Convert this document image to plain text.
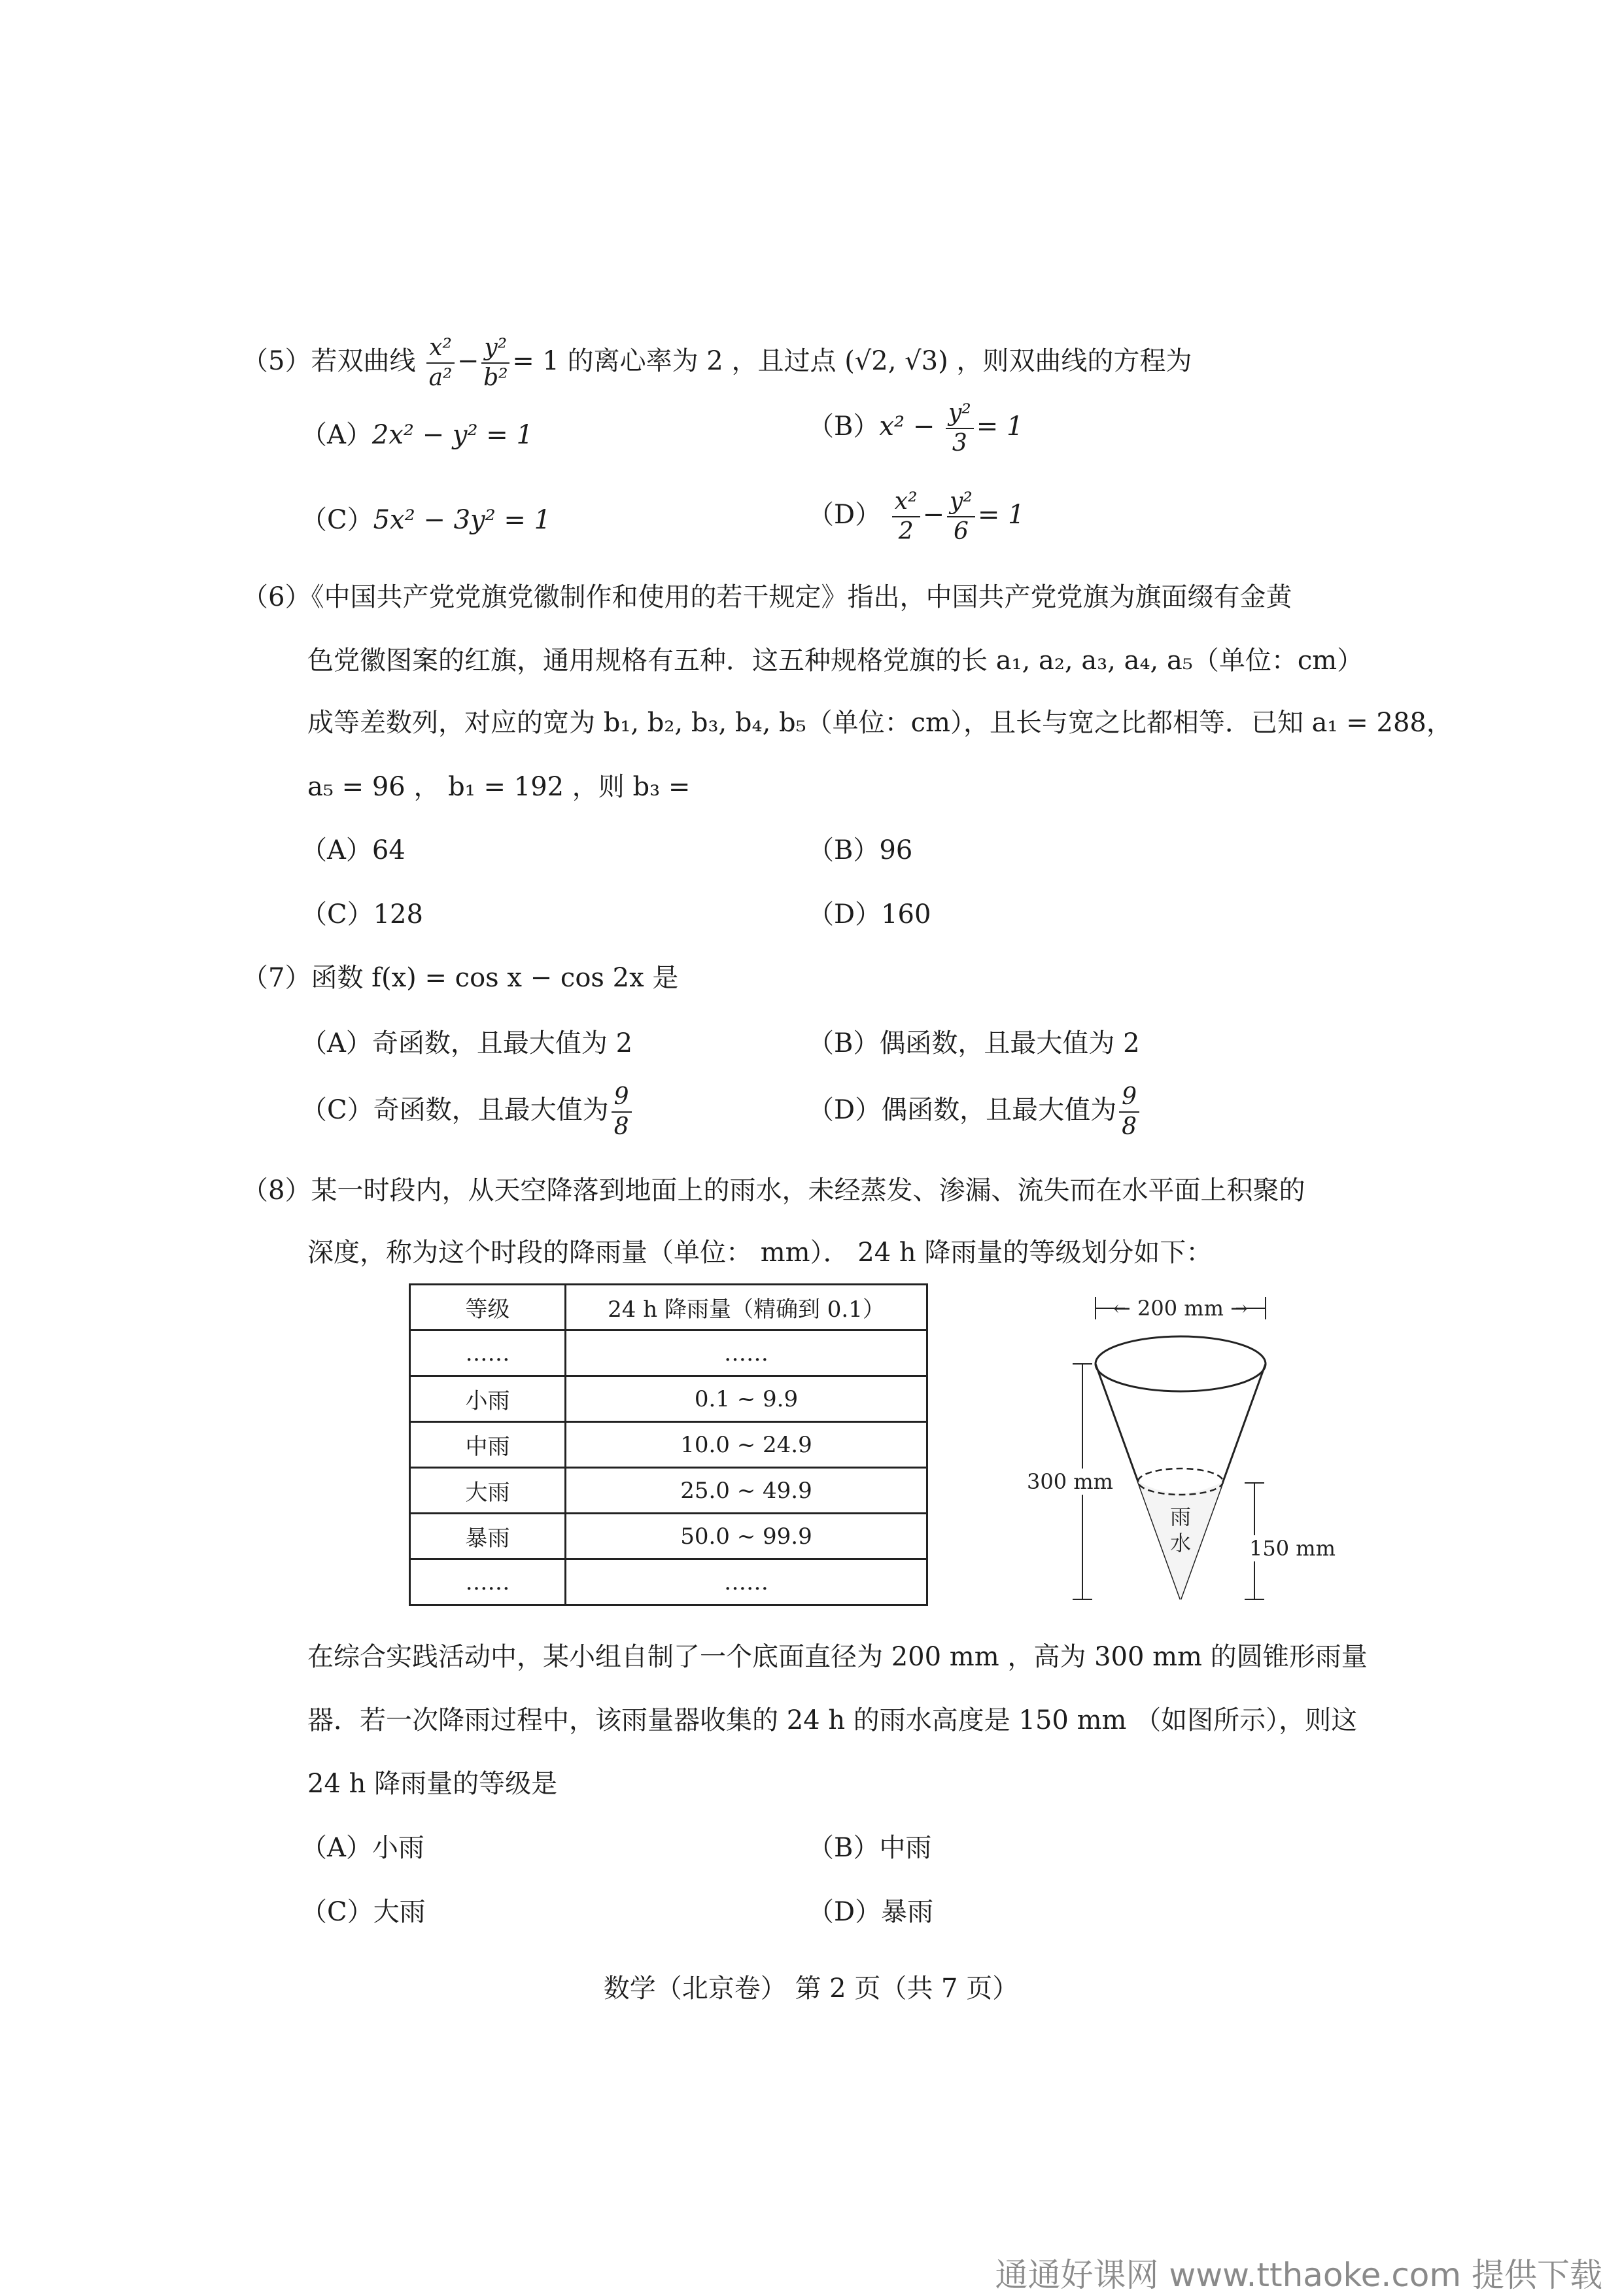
（5）若双曲线 $\frac{\text{x²}}{\text{a²}} - \frac{\text{y²}}{\text{b²}} = 1$ 的离心率为 2 ，且过点 (√2, √3) ，则双曲线的方程为
（A）2x² − y² = 1	$(B)x^2 - \frac{\text{y²}}{3} = 1$
（C）5x² − 3y² = 1	$(D) \frac{\text{x²}}{2} - \frac{\text{y²}}{6} = 1$
（6）《中国共产党党旗党徽制作和使用的若干规定》指出，中国共产党党旗为旗面缀有金黄
色党徽图案的红旗，通用规格有五种．这五种规格党旗的长 a₁, a₂, a₃, a₄, a₅（单位：cm）
成等差数列，对应的宽为 b₁, b₂, b₃, b₄, b₅（单位：cm），且长与宽之比都相等．已知 a₁ = 288，
a₅ = 96 ， b₁ = 192 ，则 b₃ =
（A）64	（B）96
（C）128	（D）160
（7）函数 f(x) = cos x − cos 2x 是
（A）奇函数，且最大值为 2	（B）偶函数，且最大值为 2
（C）奇函数，且最大值为 $\frac{9}{8}$	（D）偶函数，且最大值为 $\frac{9}{8}$
（8）某一时段内，从天空降落到地面上的雨水，未经蒸发、渗漏、流失而在水平面上积聚的
深度，称为这个时段的降雨量（单位： mm）． 24 h 降雨量的等级划分如下：
等级	24 h 降雨量（精确到 0.1）
……	……
小雨	0.1 ~ 9.9
中雨	10.0 ~ 24.9
大雨	25.0 ~ 49.9
暴雨	50.0 ~ 99.9
……	……
← 200 mm →
雨
水
300 mm
150 mm
在综合实践活动中，某小组自制了一个底面直径为 200 mm ，高为 300 mm 的圆锥形雨量
器．若一次降雨过程中，该雨量器收集的 24 h 的雨水高度是 150 mm （如图所示），则这
24 h 降雨量的等级是
（A）小雨	（B）中雨
（C）大雨	（D）暴雨
数学（北京卷） 第 2 页（共 7 页）
通通好课网 www.tthaoke.com 提供下载
